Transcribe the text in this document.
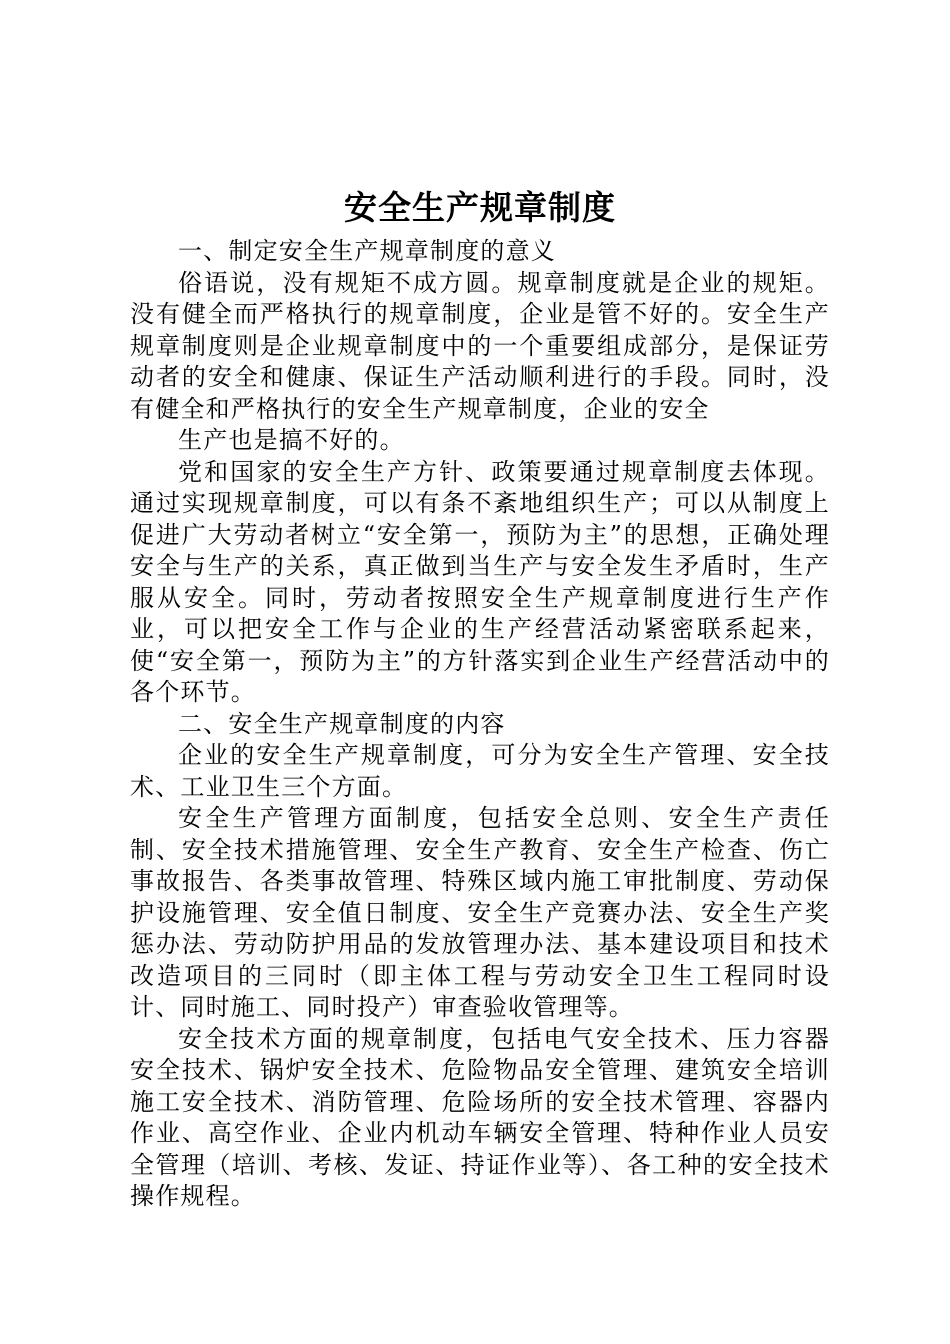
安全生产规章制度

一、制定安全生产规章制度的意义

俗语说，没有规矩不成方圆。规章制度就是企业的规矩。没有健全而严格执行的规章制度，企业是管不好的。安全生产规章制度则是企业规章制度中的一个重要组成部分，是保证劳动者的安全和健康、保证生产活动顺利进行的手段。同时，没有健全和严格执行的安全生产规章制度，企业的安全

生产也是搞不好的。

党和国家的安全生产方针、政策要通过规章制度去体现。通过实现规章制度，可以有条不紊地组织生产；可以从制度上促进广大劳动者树立“安全第一，预防为主”的思想，正确处理安全与生产的关系，真正做到当生产与安全发生矛盾时，生产服从安全。同时，劳动者按照安全生产规章制度进行生产作业，可以把安全工作与企业的生产经营活动紧密联系起来，使“安全第一，预防为主”的方针落实到企业生产经营活动中的各个环节。

二、安全生产规章制度的内容

企业的安全生产规章制度，可分为安全生产管理、安全技术、工业卫生三个方面。

安全生产管理方面制度，包括安全总则、安全生产责任制、安全技术措施管理、安全生产教育、安全生产检查、伤亡事故报告、各类事故管理、特殊区域内施工审批制度、劳动保护设施管理、安全值日制度、安全生产竞赛办法、安全生产奖惩办法、劳动防护用品的发放管理办法、基本建设项目和技术改造项目的三同时（即主体工程与劳动安全卫生工程同时设计、同时施工、同时投产）审查验收管理等。

安全技术方面的规章制度，包括电气安全技术、压力容器安全技术、锅炉安全技术、危险物品安全管理、建筑安全培训施工安全技术、消防管理、危险场所的安全技术管理、容器内作业、高空作业、企业内机动车辆安全管理、特种作业人员安全管理（培训、考核、发证、持证作业等）、各工种的安全技术操作规程。
